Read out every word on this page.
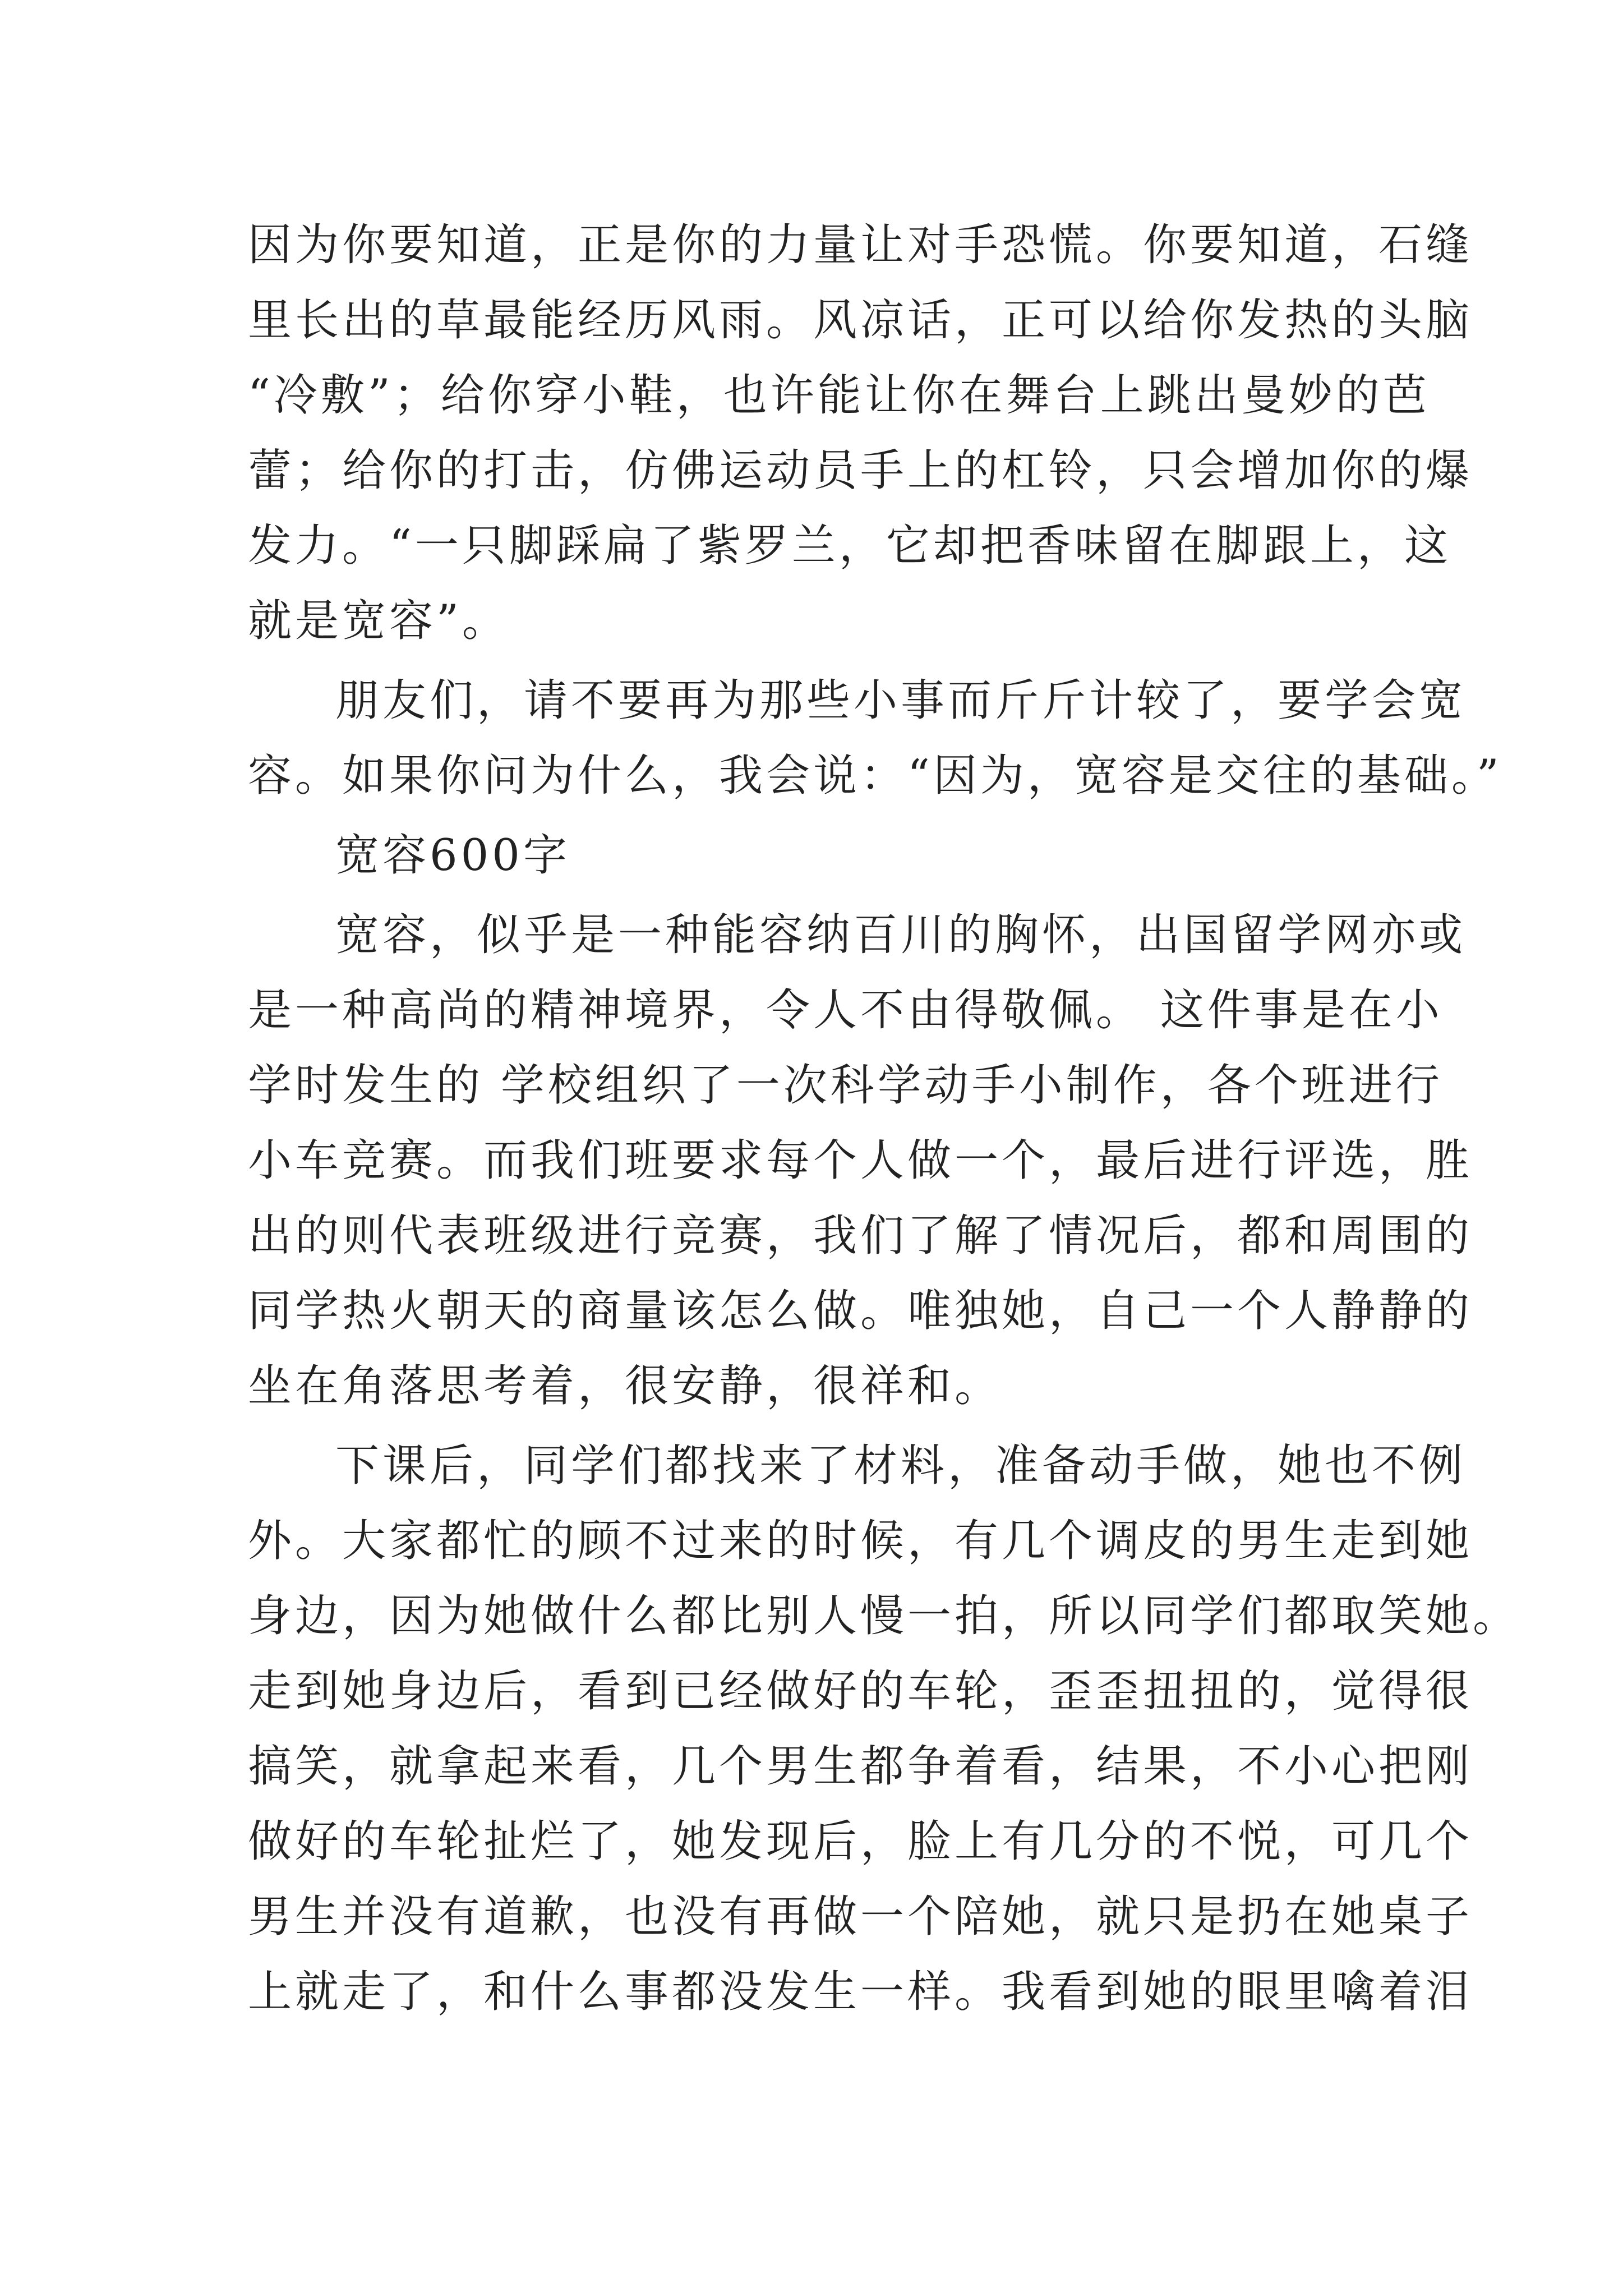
因为你要知道，正是你的力量让对手恐慌。你要知道，石缝
里长出的草最能经历风雨。风凉话，正可以给你发热的头脑
“冷敷”；给你穿小鞋，也许能让你在舞台上跳出曼妙的芭
蕾；给你的打击，仿佛运动员手上的杠铃，只会增加你的爆
发力。“一只脚踩扁了紫罗兰，它却把香味留在脚跟上，这
就是宽容”。
朋友们，请不要再为那些小事而斤斤计较了，要学会宽
容。如果你问为什么，我会说：“因为，宽容是交往的基础。”
宽容600字
宽容，似乎是一种能容纳百川的胸怀，出国留学网亦或
是一种高尚的精神境界，令人不由得敬佩。 这件事是在小
学时发生的 学校组织了一次科学动手小制作，各个班进行
小车竞赛。而我们班要求每个人做一个，最后进行评选，胜
出的则代表班级进行竞赛，我们了解了情况后，都和周围的
同学热火朝天的商量该怎么做。唯独她，自己一个人静静的
坐在角落思考着，很安静，很祥和。
下课后，同学们都找来了材料，准备动手做，她也不例
外。大家都忙的顾不过来的时候，有几个调皮的男生走到她
身边，因为她做什么都比别人慢一拍，所以同学们都取笑她。
走到她身边后，看到已经做好的车轮，歪歪扭扭的，觉得很
搞笑，就拿起来看，几个男生都争着看，结果，不小心把刚
做好的车轮扯烂了，她发现后，脸上有几分的不悦，可几个
男生并没有道歉，也没有再做一个陪她，就只是扔在她桌子
上就走了，和什么事都没发生一样。我看到她的眼里噙着泪
